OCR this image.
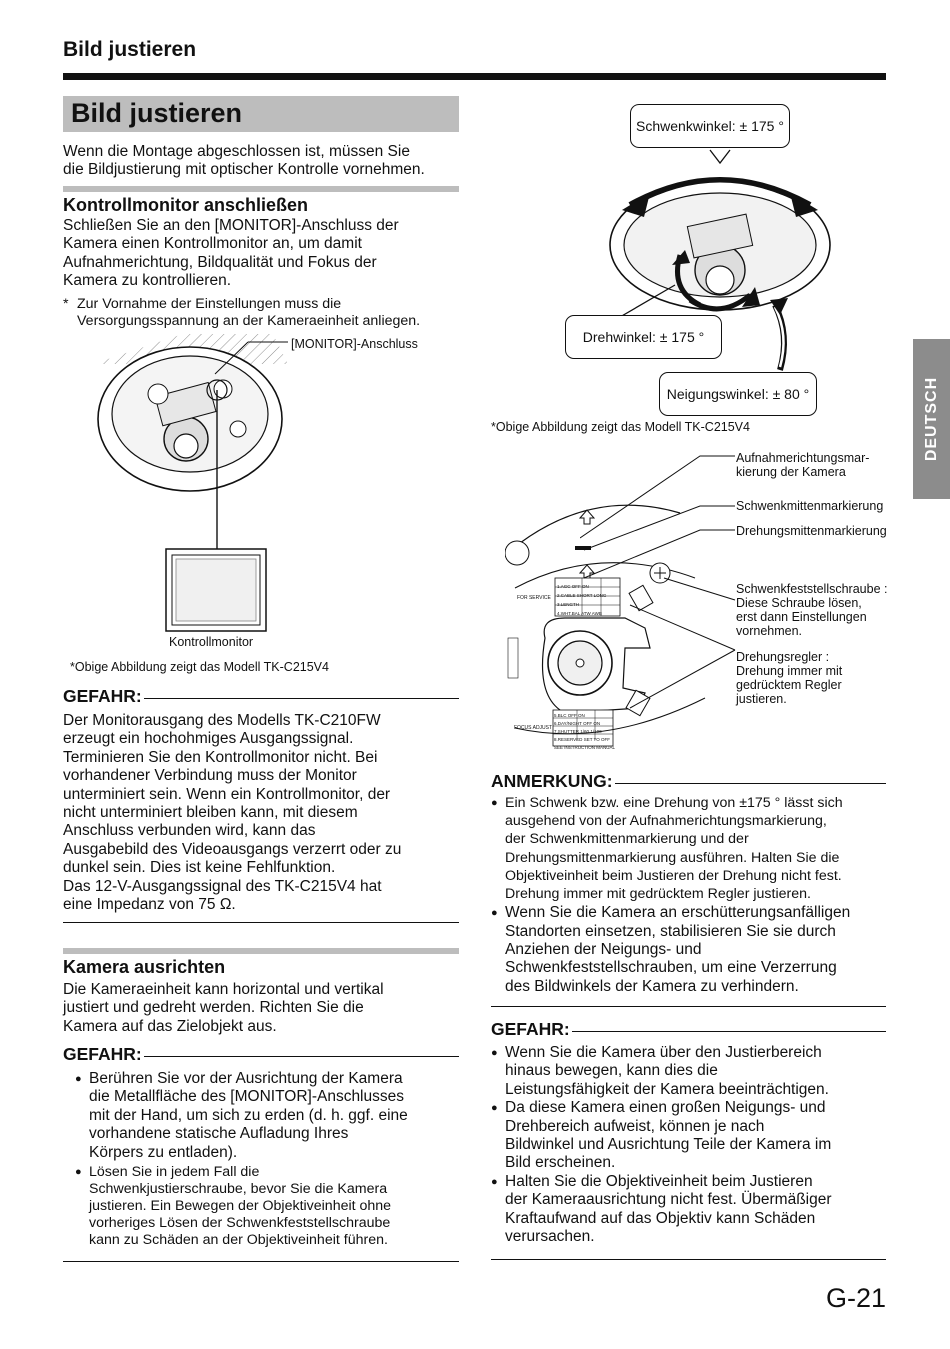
Bild justieren
DEUTSCH
Bild justieren
Wenn die Montage abgeschlossen ist, müssen Sie
die Bildjustierung mit optischer Kontrolle vornehmen.
Kontrollmonitor anschließen
Schließen Sie an den [MONITOR]-Anschluss der
Kamera einen Kontrollmonitor an, um damit
Aufnahmerichtung, Bildqualität und Fokus der
Kamera zu kontrollieren.
* Zur Vornahme der Einstellungen muss die
Versorgungsspannung an der Kameraeinheit anliegen.
[MONITOR]-Anschluss
Kontrollmonitor
*Obige Abbildung zeigt das Modell TK-C215V4
GEFAHR:
Der Monitorausgang des Modells TK-C210FW
erzeugt ein hochohmiges Ausgangssignal.
Terminieren Sie den Kontrollmonitor nicht. Bei
vorhandener Verbindung muss der Monitor
unterminiert sein. Wenn ein Kontrollmonitor, der
nicht unterminiert bleiben kann, mit diesem
Anschluss verbunden wird, kann das
Ausgabebild des Videoausgangs verzerrt oder zu
dunkel sein. Dies ist keine Fehlfunktion.
Das 12-V-Ausgangssignal des TK-C215V4 hat
eine Impedanz von 75 Ω.
Kamera ausrichten
Die Kameraeinheit kann horizontal und vertikal
justiert und gedreht werden. Richten Sie die
Kamera auf das Zielobjekt aus.
GEFAHR:
● Berühren Sie vor der Ausrichtung der Kamera
die Metallfläche des [MONITOR]-Anschlusses
mit der Hand, um sich zu erden (d. h. ggf. eine
vorhandene statische Aufladung Ihres
Körpers zu entladen).
● Lösen Sie in jedem Fall die
Schwenkjustierschraube, bevor Sie die Kamera
justieren. Ein Bewegen der Objektiveinheit ohne
vorheriges Lösen der Schwenkfeststellschraube
kann zu Schäden an der Objektiveinheit führen.
Schwenkwinkel: ± 175 °
Drehwinkel: ± 175 °
Neigungswinkel: ± 80 °
*Obige Abbildung zeigt das Modell TK-C215V4
FOR SERVICE
FOCUS ADJUST
1.AGC OFF ON
2.CABLE SHORT LONG
3.LENGTH
4.WHT.BAL ATW AWB
5.BLC OFF ON
6.DAY/NIGHT OFF ON
7.SHUTTER 1/60 1/100
8.RESERVED SET TO OFF
SEE INSTRUCTION MANUAL
Aufnahmerichtungsmar-
kierung der Kamera
Schwenkmittenmarkierung
Drehungsmittenmarkierung
Schwenkfeststellschraube :
Diese Schraube lösen,
erst dann Einstellungen
vornehmen.
Drehungsregler :
Drehung immer mit
gedrücktem Regler
justieren.
ANMERKUNG:
● Ein Schwenk bzw. eine Drehung von ±175 ° lässt sich
ausgehend von der Aufnahmerichtungsmarkierung,
der Schwenkmittenmarkierung und der
Drehungsmittenmarkierung ausführen. Halten Sie die
Objektiveinheit beim Justieren der Drehung nicht fest.
Drehung immer mit gedrücktem Regler justieren.
● Wenn Sie die Kamera an erschütterungsanfälligen
Standorten einsetzen, stabilisieren Sie sie durch
Anziehen der Neigungs- und
Schwenkfeststellschrauben, um eine Verzerrung
des Bildwinkels der Kamera zu verhindern.
GEFAHR:
● Wenn Sie die Kamera über den Justierbereich
hinaus bewegen, kann dies die
Leistungsfähigkeit der Kamera beeinträchtigen.
● Da diese Kamera einen großen Neigungs- und
Drehbereich aufweist, können je nach
Bildwinkel und Ausrichtung Teile der Kamera im
Bild erscheinen.
● Halten Sie die Objektiveinheit beim Justieren
der Kameraausrichtung nicht fest. Übermäßiger
Kraftaufwand auf das Objektiv kann Schäden
verursachen.
G-21
